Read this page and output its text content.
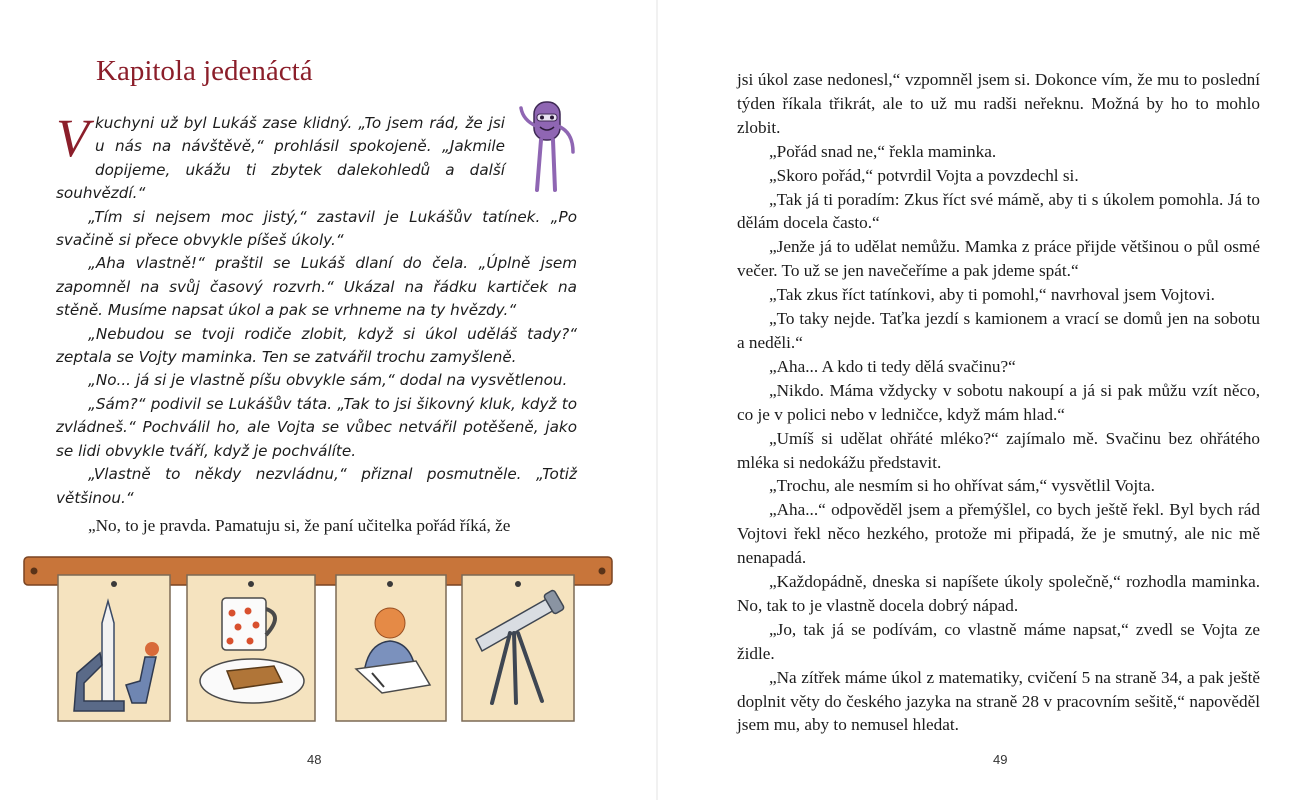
Kapitola jedenáctá

Vkuchyni už byl Lukáš zase klidný. „To jsem rád, že jsi u nás na návštěvě,“ prohlásil spokojeně. „Jakmile dopijeme, ukážu ti zbytek dalekohledů a další souhvězdí.“

„Tím si nejsem moc jistý,“ zastavil je Lukášův tatínek. „Po svačině si přece obvykle píšeš úkoly.“

„Aha vlastně!“ praštil se Lukáš dlaní do čela. „Úplně jsem zapomněl na svůj časový rozvrh.“ Ukázal na řádku kartiček na stěně. Musíme napsat úkol a pak se vrhneme na ty hvězdy.“

„Nebudou se tvoji rodiče zlobit, když si úkol uděláš tady?“ zeptala se Vojty maminka. Ten se zatvářil trochu zamyšleně.

„No... já si je vlastně píšu obvykle sám,“ dodal na vysvětlenou.

„Sám?“ podivil se Lukášův táta. „Tak to jsi šikovný kluk, když to zvládneš.“ Pochválil ho, ale Vojta se vůbec netvářil potěšeně, jako se lidi obvykle tváří, když je pochválíte.

„Vlastně to někdy nezvládnu,“ přiznal posmutněle. „Totiž většinou.“

„No, to je pravda. Pamatuju si, že paní učitelka pořád říká, že

48

jsi úkol zase nedonesl,“ vzpomněl jsem si. Dokonce vím, že mu to poslední týden říkala třikrát, ale to už mu radši neřeknu. Možná by ho to mohlo zlobit.

„Pořád snad ne,“ řekla maminka.

„Skoro pořád,“ potvrdil Vojta a povzdechl si.

„Tak já ti poradím: Zkus říct své mámě, aby ti s úkolem pomohla. Já to dělám docela často.“

„Jenže já to udělat nemůžu. Mamka z práce přijde většinou o půl osmé večer. To už se jen navečeříme a pak jdeme spát.“

„Tak zkus říct tatínkovi, aby ti pomohl,“ navrhoval jsem Vojtovi.

„To taky nejde. Taťka jezdí s kamionem a vrací se domů jen na sobotu a neděli.“

„Aha... A kdo ti tedy dělá svačinu?“

„Nikdo. Máma vždycky v sobotu nakoupí a já si pak můžu vzít něco, co je v polici nebo v ledničce, když mám hlad.“

„Umíš si udělat ohřáté mléko?“ zajímalo mě. Svačinu bez ohřátého mléka si nedokážu představit.

„Trochu, ale nesmím si ho ohřívat sám,“ vysvětlil Vojta.

„Aha...“ odpověděl jsem a přemýšlel, co bych ještě řekl. Byl bych rád Vojtovi řekl něco hezkého, protože mi připadá, že je smutný, ale nic mě nenapadá.

„Každopádně, dneska si napíšete úkoly společně,“ rozhodla maminka. No, tak to je vlastně docela dobrý nápad.

„Jo, tak já se podívám, co vlastně máme napsat,“ zvedl se Vojta ze židle.

„Na zítřek máme úkol z matematiky, cvičení 5 na straně 34, a pak ještě doplnit věty do českého jazyka na straně 28 v pracovním sešitě,“ napověděl jsem mu, aby to nemusel hledat.

49
